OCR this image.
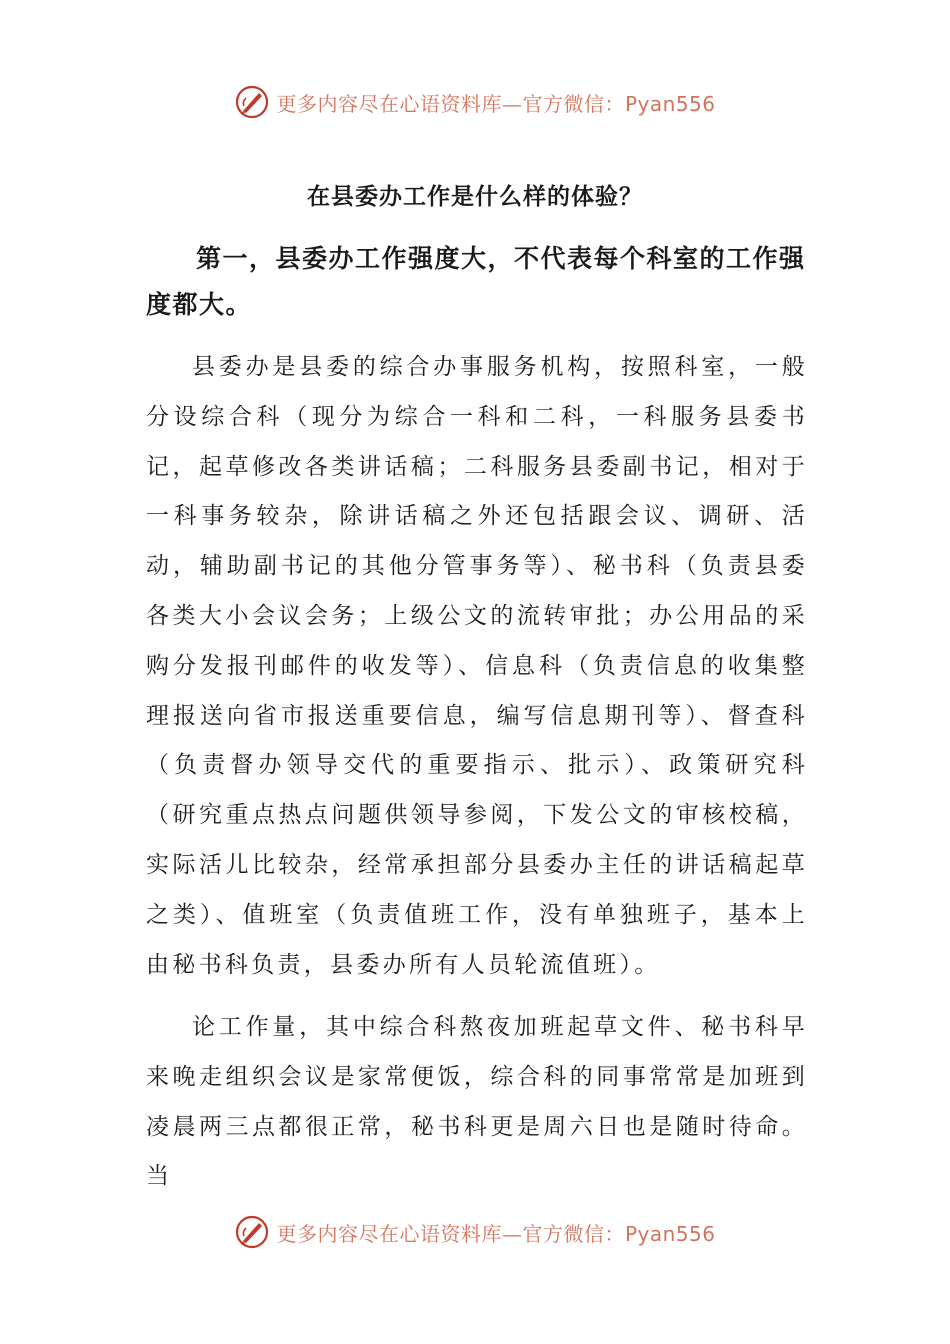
更多内容尽在心语资料库—官方微信：Pyan556
在县委办工作是什么样的体验？
第一，县委办工作强度大，不代表每个科室的工作强度都大。

县委办是县委的综合办事服务机构，按照科室，一般分设综合科（现分为综合一科和二科，一科服务县委书记，起草修改各类讲话稿；二科服务县委副书记，相对于一科事务较杂，除讲话稿之外还包括跟会议、调研、活动，辅助副书记的其他分管事务等）、秘书科（负责县委各类大小会议会务；上级公文的流转审批；办公用品的采购分发报刊邮件的收发等）、信息科（负责信息的收集整理报送向省市报送重要信息，编写信息期刊等）、督查科（负责督办领导交代的重要指示、批示）、政策研究科（研究重点热点问题供领导参阅，下发公文的审核校稿，实际活儿比较杂，经常承担部分县委办主任的讲话稿起草之类）、值班室（负责值班工作，没有单独班子，基本上由秘书科负责，县委办所有人员轮流值班）。

论工作量，其中综合科熬夜加班起草文件、秘书科早来晚走组织会议是家常便饭，综合科的同事常常是加班到凌晨两三点都很正常，秘书科更是周六日也是随时待命。当

更多内容尽在心语资料库—官方微信：Pyan556
